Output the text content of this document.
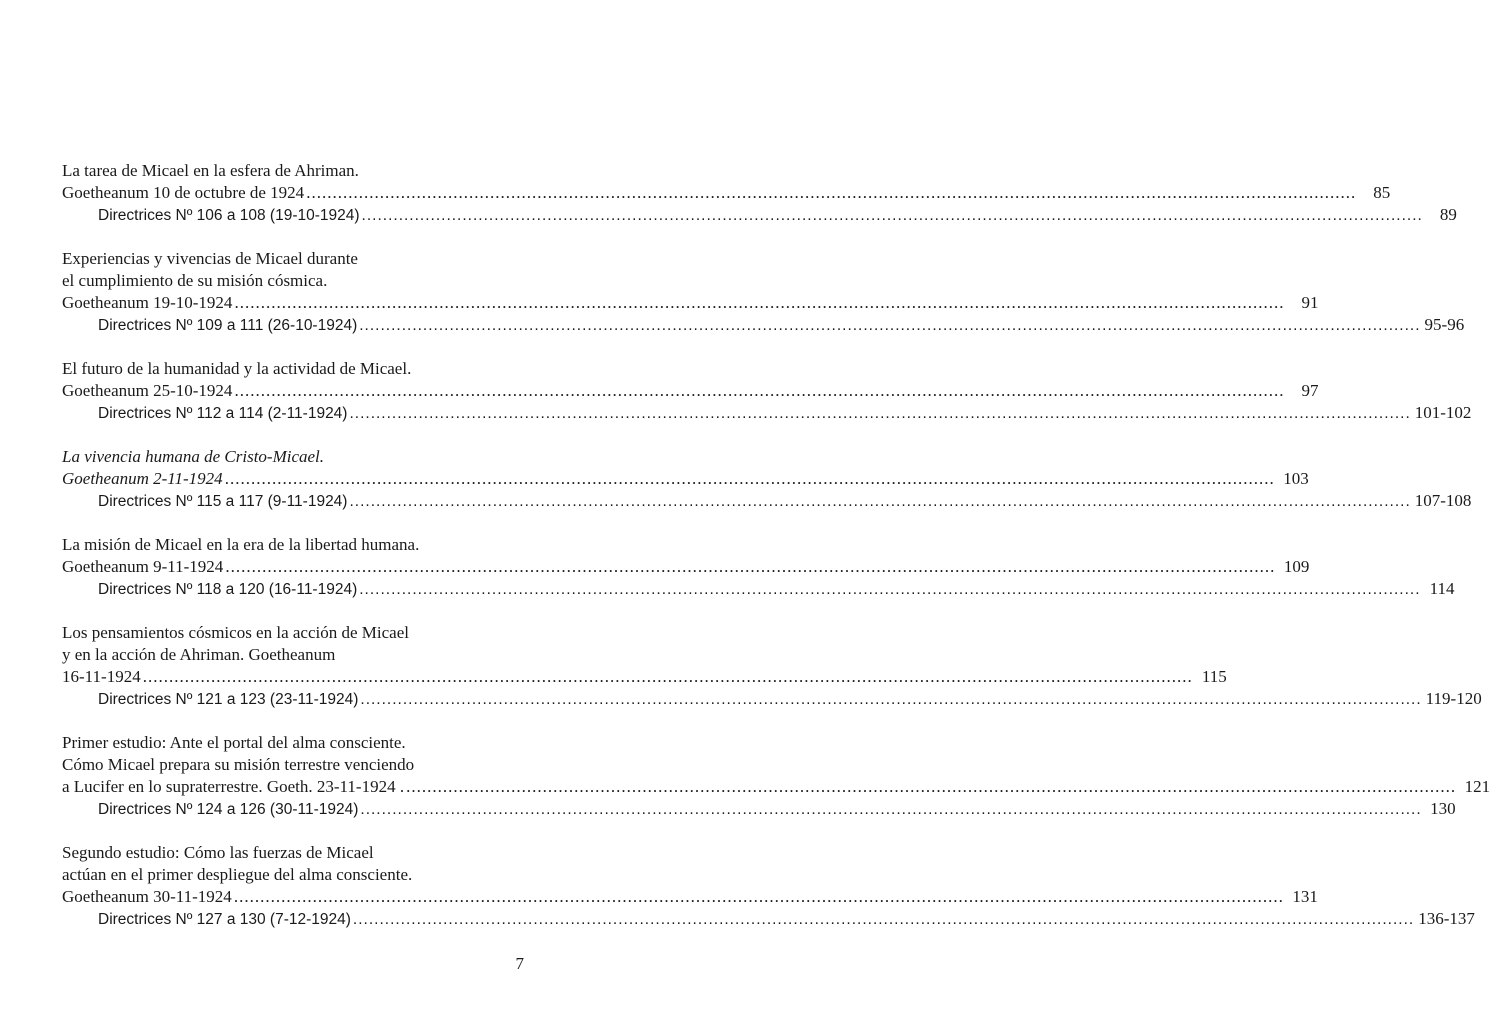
La tarea de Micael en la esfera de Ahriman.
Goetheanum 10 de octubre de 1924 ........................................................................................................................................................................................................	85
Directrices Nº 106 a 108 (19-10-1924) ........................................................................................................................................................................................................	89
Experiencias y vivencias de Micael durante
el cumplimiento de su misión cósmica.
Goetheanum 19-10-1924 ........................................................................................................................................................................................................	91
Directrices Nº 109 a 111 (26-10-1924) ........................................................................................................................................................................................................ 95-96
El futuro de la humanidad y la actividad de Micael.
Goetheanum 25-10-1924 ........................................................................................................................................................................................................	97
Directrices Nº 112 a 114 (2-11-1924) ........................................................................................................................................................................................................ 101-102
La vivencia humana de Cristo-Micael.
Goetheanum 2-11-1924 ........................................................................................................................................................................................................ 103
Directrices Nº 115 a 117 (9-11-1924) ........................................................................................................................................................................................................ 107-108
La misión de Micael en la era de la libertad humana.
Goetheanum 9-11-1924 ........................................................................................................................................................................................................ 109
Directrices Nº 118 a 120 (16-11-1924) ........................................................................................................................................................................................................ 114
Los pensamientos cósmicos en la acción de Micael
y en la acción de Ahriman. Goetheanum
16-11-1924 ........................................................................................................................................................................................................ 115
Directrices Nº 121 a 123 (23-11-1924) ........................................................................................................................................................................................................ 119-120
Primer estudio: Ante el portal del alma consciente.
Cómo Micael prepara su misión terrestre venciendo
a Lucifer en lo supraterrestre. Goeth. 23-11-1924 . ........................................................................................................................................................................................................ 121
Directrices Nº 124 a 126 (30-11-1924) ........................................................................................................................................................................................................ 130
Segundo estudio: Cómo las fuerzas de Micael
actúan en el primer despliegue del alma consciente.
Goetheanum 30-11-1924 ........................................................................................................................................................................................................ 131
Directrices Nº 127 a 130 (7-12-1924) ........................................................................................................................................................................................................ 136-137
7
